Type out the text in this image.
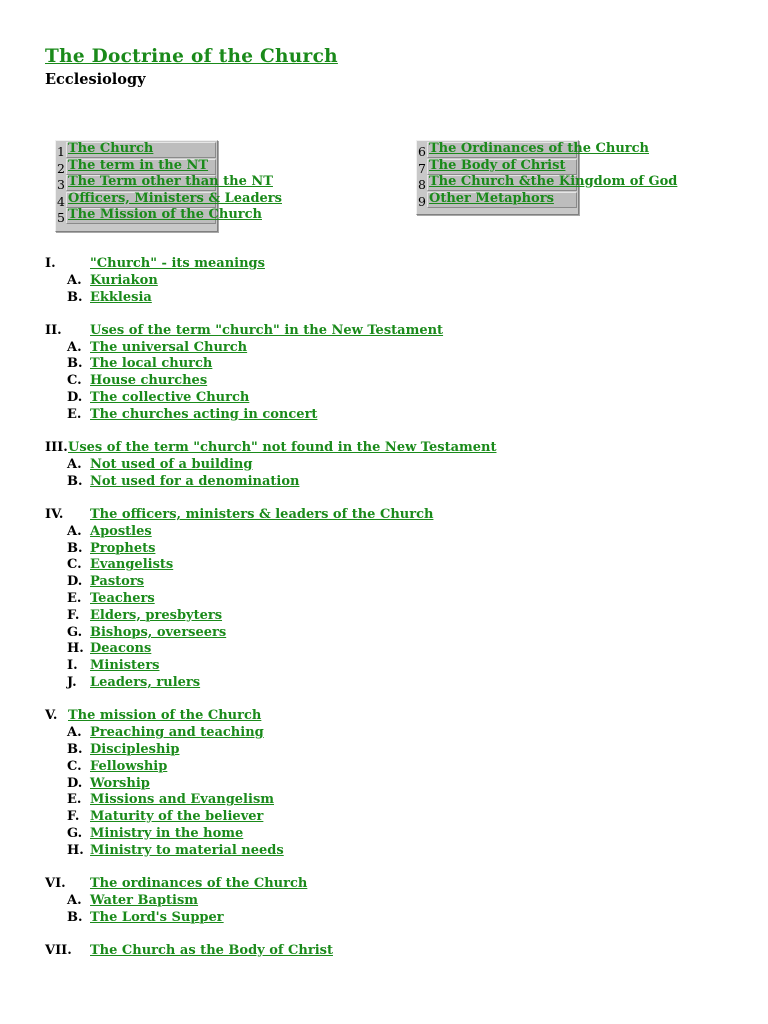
The Doctrine of the Church
Ecclesiology
1 The Church
2 The term in the NT
3 The Term other than the NT
4 Officers, Ministers & Leaders
5 The Mission of the Church
6 The Ordinances of the Church
7 The Body of Christ
8 The Church &the Kingdom of God
9 Other Metaphors
I.	"Church" - its meanings
A. Kuriakon
B. Ekklesia
II. Uses of the term "church" in the New Testament
A. The universal Church
B. The local church
C. House churches
D. The collective Church
E. The churches acting in concert
III. Uses of the term "church" not found in the New Testament
A. Not used of a building
B. Not used for a denomination
IV. The officers, ministers & leaders of the Church
A. Apostles
B. Prophets
C. Evangelists
D. Pastors
E. Teachers
F. Elders, presbyters
G. Bishops, overseers
H. Deacons
I. Ministers
J. Leaders, rulers
V. The mission of the Church
A. Preaching and teaching
B. Discipleship
C. Fellowship
D. Worship
E. Missions and Evangelism
F. Maturity of the believer
G. Ministry in the home
H. Ministry to material needs
VI. The ordinances of the Church
A. Water Baptism
B. The Lord's Supper
VII. The Church as the Body of Christ
